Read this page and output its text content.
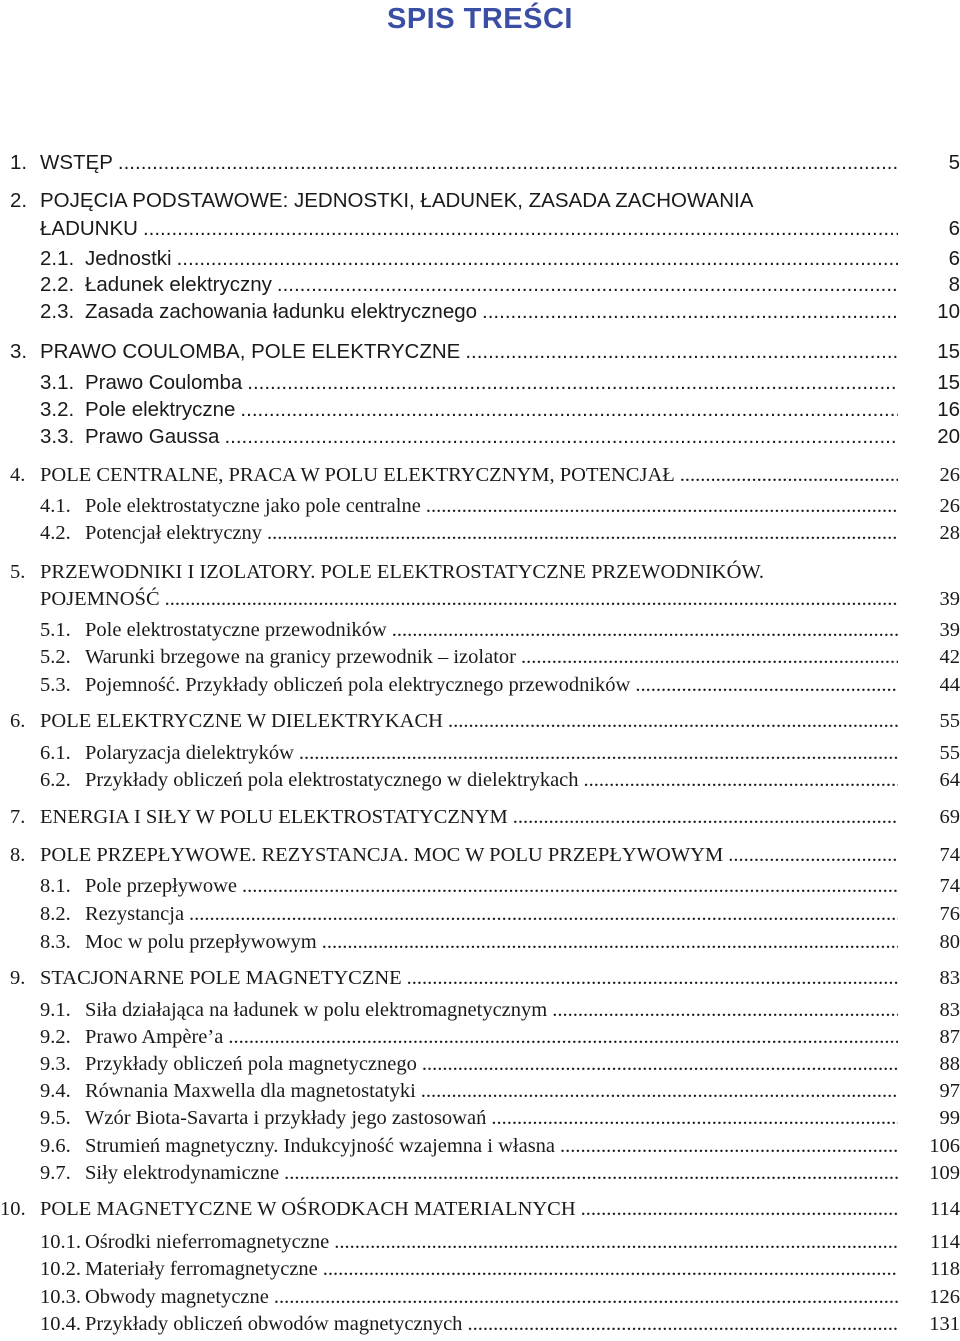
SPIS TREŚCI
1. WSTĘP .....	5
2. POJĘCIA PODSTAWOWE: JEDNOSTKI, ŁADUNEK, ZASADA ZACHOWANIA
ŁADUNKU .....	6
2.1. Jednostki .....	6
2.2. Ładunek elektryczny .....	8
2.3. Zasada zachowania ładunku elektrycznego .....	10
3. PRAWO COULOMBA, POLE ELEKTRYCZNE .....	15
3.1. Prawo Coulomba .....	15
3.2. Pole elektryczne .....	16
3.3. Prawo Gaussa .....	20
4. POLE CENTRALNE, PRACA W POLU ELEKTRYCZNYM, POTENCJAŁ .....	26
4.1. Pole elektrostatyczne jako pole centralne .....	26
4.2. Potencjał elektryczny .....	28
5. PRZEWODNIKI I IZOLATORY. POLE ELEKTROSTATYCZNE PRZEWODNIKÓW.
POJEMNOŚĆ .....	39
5.1. Pole elektrostatyczne przewodników .....	39
5.2. Warunki brzegowe na granicy przewodnik – izolator .....	42
5.3. Pojemność. Przykłady obliczeń pola elektrycznego przewodników .....	44
6. POLE ELEKTRYCZNE W DIELEKTRYKACH .....	55
6.1. Polaryzacja dielektryków .....	55
6.2. Przykłady obliczeń pola elektrostatycznego w dielektrykach .....	64
7. ENERGIA I SIŁY W POLU ELEKTROSTATYCZNYM .....	69
8. POLE PRZEPŁYWOWE. REZYSTANCJA. MOC W POLU PRZEPŁYWOWYM .....	74
8.1. Pole przepływowe .....	74
8.2. Rezystancja .....	76
8.3. Moc w polu przepływowym .....	80
9. STACJONARNE POLE MAGNETYCZNE .....	83
9.1. Siła działająca na ładunek w polu elektromagnetycznym .....	83
9.2. Prawo Ampère’a .....	87
9.3. Przykłady obliczeń pola magnetycznego .....	88
9.4. Równania Maxwella dla magnetostatyki .....	97
9.5. Wzór Biota-Savarta i przykłady jego zastosowań .....	99
9.6. Strumień magnetyczny. Indukcyjność wzajemna i własna .....	106
9.7. Siły elektrodynamiczne .....	109
10. POLE MAGNETYCZNE W OŚRODKACH MATERIALNYCH .....	114
10.1. Ośrodki nieferromagnetyczne .....	114
10.2. Materiały ferromagnetyczne .....	118
10.3. Obwody magnetyczne .....	126
10.4. Przykłady obliczeń obwodów magnetycznych .....	131
